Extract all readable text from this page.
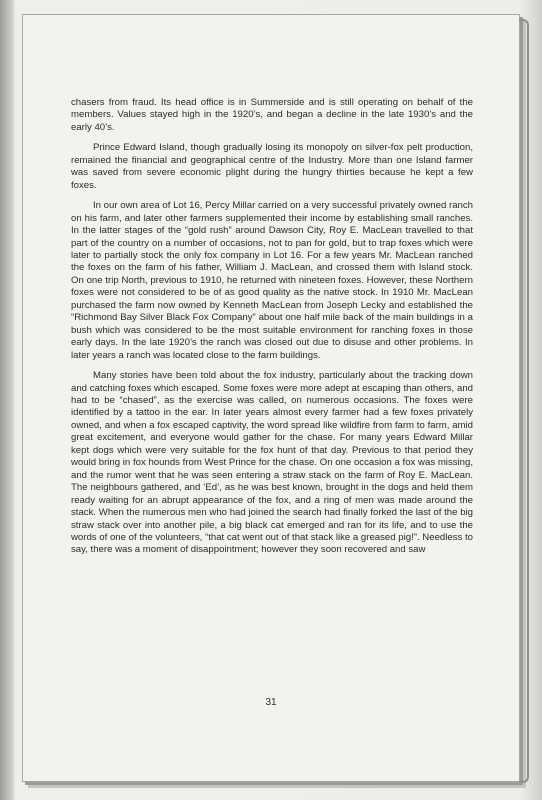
chasers from fraud. Its head office is in Summerside and is still operating on behalf of the members. Values stayed high in the 1920’s, and began a decline in the late 1930’s and the early 40’s.

Prince Edward Island, though gradually losing its monopoly on silver-fox pelt production, remained the financial and geographical centre of the Industry. More than one Island farmer was saved from severe economic plight during the hungry thirties because he kept a few foxes.

In our own area of Lot 16, Percy Millar carried on a very successful privately owned ranch on his farm, and later other farmers supplemented their income by establishing small ranches. In the latter stages of the “gold rush” around Dawson City, Roy E. MacLean travelled to that part of the country on a number of occasions, not to pan for gold, but to trap foxes which were later to partially stock the only fox company in Lot 16. For a few years Mr. MacLean ranched the foxes on the farm of his father, William J. MacLean, and crossed them with Island stock. On one trip North, previous to 1910, he returned with nineteen foxes. However, these Northern foxes were not considered to be of as good quality as the native stock. In 1910 Mr. MacLean purchased the farm now owned by Kenneth MacLean from Joseph Lecky and established the “Richmond Bay Silver Black Fox Company” about one half mile back of the main buildings in a bush which was considered to be the most suitable environment for ranching foxes in those early days. In the late 1920’s the ranch was closed out due to disuse and other problems. In later years a ranch was located close to the farm buildings.

Many stories have been told about the fox industry, particularly about the tracking down and catching foxes which escaped. Some foxes were more adept at escaping than others, and had to be “chased”, as the exercise was called, on numerous occasions. The foxes were identified by a tattoo in the ear. In later years almost every farmer had a few foxes privately owned, and when a fox escaped captivity, the word spread like wildfire from farm to farm, amid great excitement, and everyone would gather for the chase. For many years Edward Millar kept dogs which were very suitable for the fox hunt of that day. Previous to that period they would bring in fox hounds from West Prince for the chase. On one occasion a fox was missing, and the rumor went that he was seen entering a straw stack on the farm of Roy E. MacLean. The neighbours gathered, and ‘Ed’, as he was best known, brought in the dogs and held them ready waiting for an abrupt appearance of the fox, and a ring of men was made around the stack. When the numerous men who had joined the search had finally forked the last of the big straw stack over into another pile, a big black cat emerged and ran for its life, and to use the words of one of the volunteers, “that cat went out of that stack like a greased pig!”. Needless to say, there was a moment of disappointment; however they soon recovered and saw

31
